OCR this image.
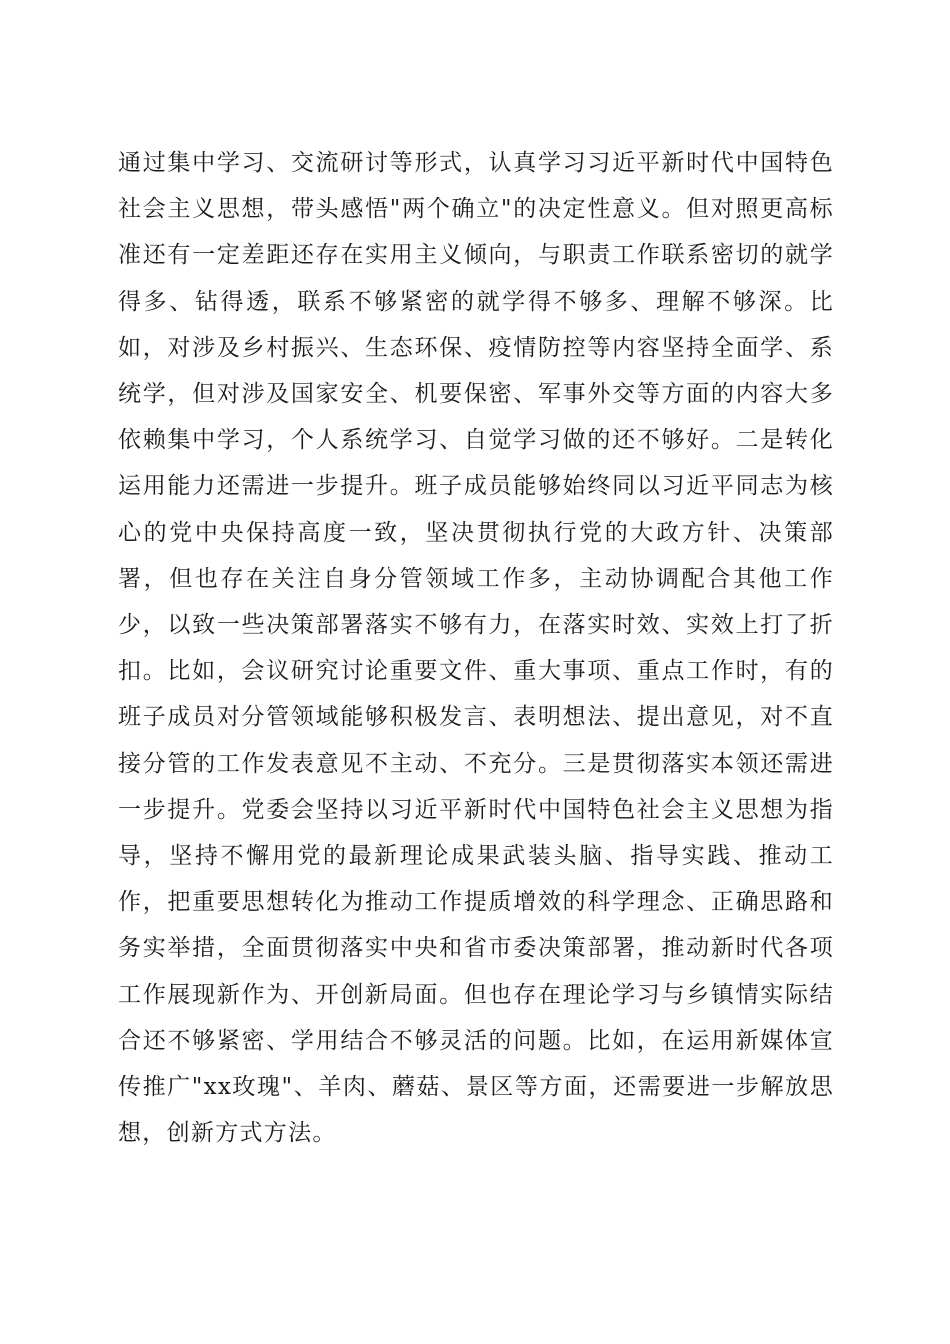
通过集中学习、交流研讨等形式，认真学习习近平新时代中国特色社会主义思想，带头感悟"两个确立"的决定性意义。但对照更高标准还有一定差距还存在实用主义倾向，与职责工作联系密切的就学得多、钻得透，联系不够紧密的就学得不够多、理解不够深。比如，对涉及乡村振兴、生态环保、疫情防控等内容坚持全面学、系统学，但对涉及国家安全、机要保密、军事外交等方面的内容大多依赖集中学习，个人系统学习、自觉学习做的还不够好。二是转化运用能力还需进一步提升。班子成员能够始终同以习近平同志为核心的党中央保持高度一致，坚决贯彻执行党的大政方针、决策部署，但也存在关注自身分管领域工作多，主动协调配合其他工作少，以致一些决策部署落实不够有力，在落实时效、实效上打了折扣。比如，会议研究讨论重要文件、重大事项、重点工作时，有的班子成员对分管领域能够积极发言、表明想法、提出意见，对不直接分管的工作发表意见不主动、不充分。三是贯彻落实本领还需进一步提升。党委会坚持以习近平新时代中国特色社会主义思想为指导，坚持不懈用党的最新理论成果武装头脑、指导实践、推动工作，把重要思想转化为推动工作提质增效的科学理念、正确思路和务实举措，全面贯彻落实中央和省市委决策部署，推动新时代各项工作展现新作为、开创新局面。但也存在理论学习与乡镇情实际结合还不够紧密、学用结合不够灵活的问题。比如，在运用新媒体宣传推广"xx玫瑰"、羊肉、蘑菇、景区等方面，还需要进一步解放思想，创新方式方法。
